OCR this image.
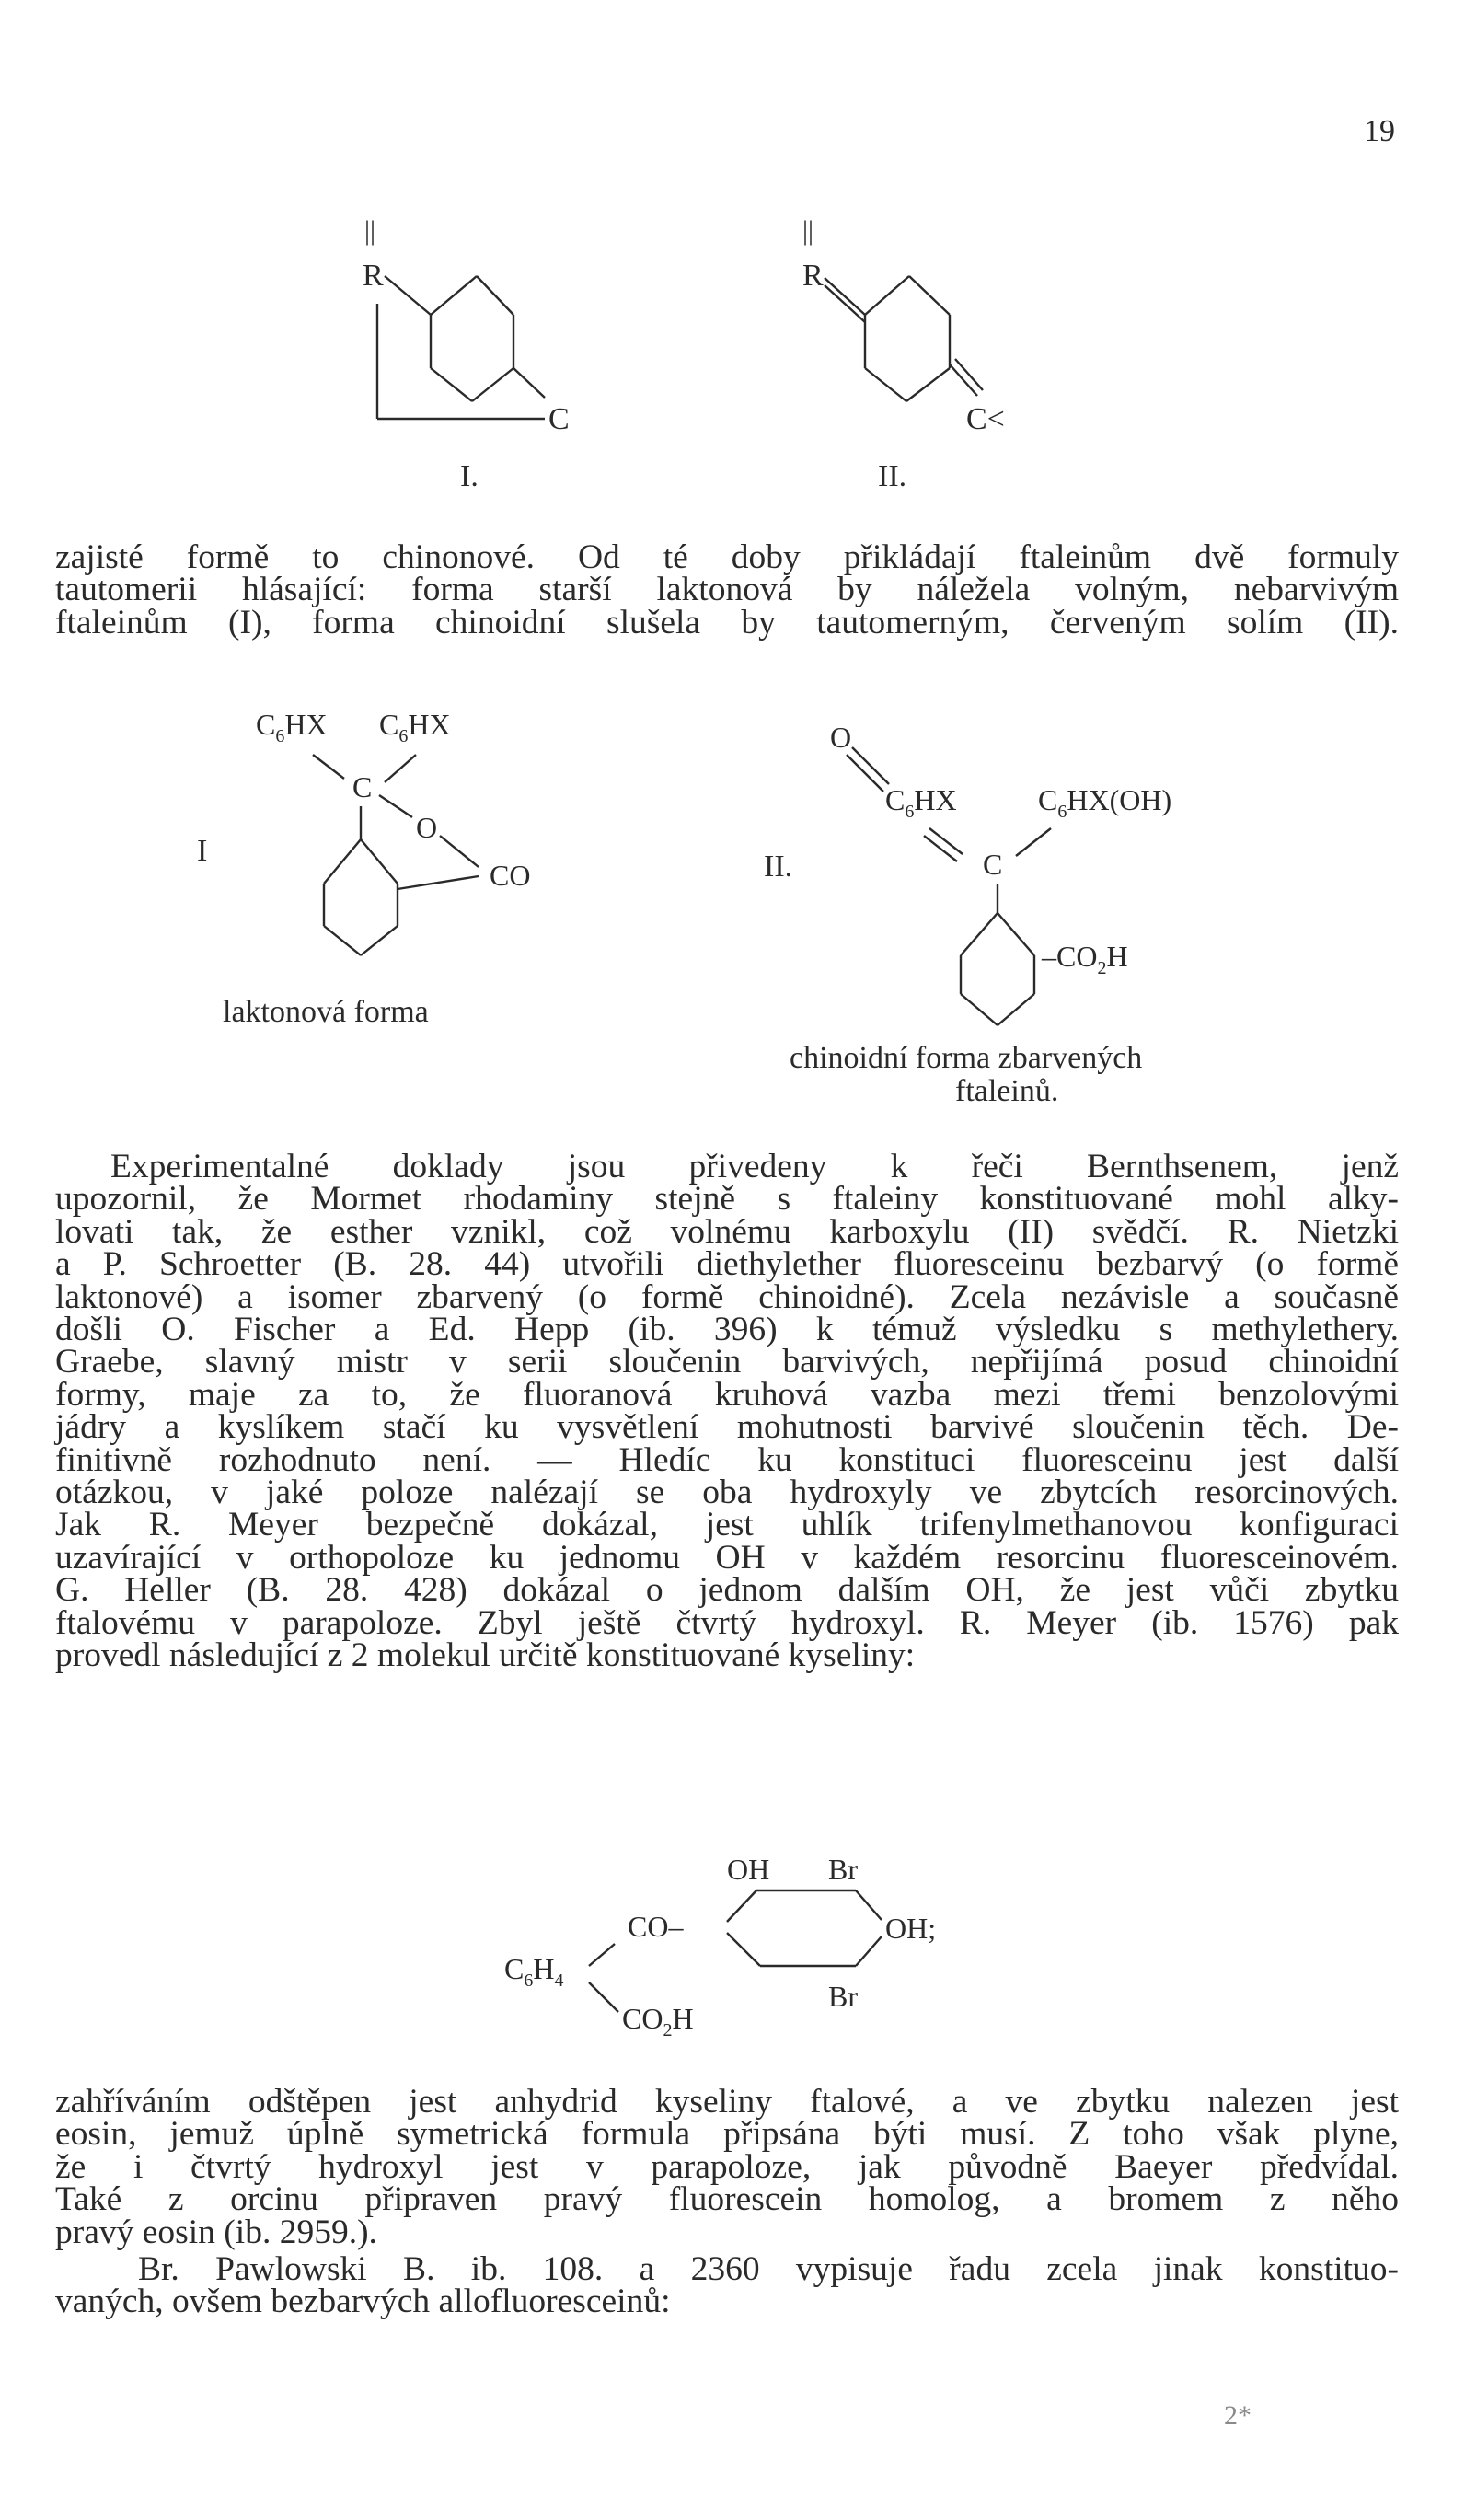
19
||
R
C
I.
||
R
C<
II.
zajisté formě to chinonové. Od té doby přikládají ftaleinům dvě formuly
tautomerii hlásající: forma starší laktonová by náležela volným, nebarvivým
ftaleinům (I), forma chinoidní slušela by tautomerným, červeným solím (II).
I
$C_6HX$ $C_6HX$
C
O
CO
laktonová forma
O
II.
$C_6HX$	$C_6HX(OH)$
C
$-CO_2H$
chinoidní forma zbarvených
ftaleinů.
Experimentalné doklady jsou přivedeny k řeči Bernthsenem, jenž
upozornil, že Mormet rhodaminy stejně s ftaleiny konstituované mohl alky-
lovati tak, že esther vznikl, což volnému karboxylu (II) svědčí. R. Nietzki
a P. Schroetter (B. 28. 44) utvořili diethylether fluoresceinu bezbarvý (o formě
laktonové) a isomer zbarvený (o formě chinoidné). Zcela nezávisle a současně
došli O. Fischer a Ed. Hepp (ib. 396) k témuž výsledku s methyletherу.
Graebe, slavný mistr v serii sloučenin barvivých, nepřijímá posud chinoidní
formy, maje za to, že fluoranová kruhová vazba mezi třemi benzolovými
jádry a kyslíkem stačí ku vysvětlení mohutnosti barvivé sloučenin těch. De-
finitivně rozhodnuto není. — Hledíc ku konstituci fluoresceinu jest další
otázkou, v jaké poloze nalézají se oba hydroxyly ve zbytcích resorcinových.
Jak R. Meyer bezpečně dokázal, jest uhlík trifenylmethanovou konfiguraci
uzavírající v orthopoloze ku jednomu OH v každém resorcinu fluoresceinovém.
G. Heller (B. 28. 428) dokázal o jednom dalším OH, že jest vůči zbytku
ftalovému v parapoloze. Zbyl ještě čtvrtý hydroxyl. R. Meyer (ib. 1576) pak
provedl následující z 2 molekul určitě konstituované kyseliny:
OH Br
CO–	OH;
$C_6H_4$
$CO_2H$
Br
zahříváním odštěpen jest anhydrid kyseliny ftalové, a ve zbytku nalezen jest
eosin, jemuž úplně symetrická formula připsána býti musí. Z toho však plyne,
že i čtvrtý hydroxyl jest v parapoloze, jak původně Baeyer předvídal.
Také z orcinu připraven pravý fluorescein homolog, a bromem z něho
pravý eosin (ib. 2959.).
Br. Pawlowski B. ib. 108. a 2360 vypisuje řadu zcela jinak konstituo-
vaných, ovšem bezbarvých allofluoresceinů:
2*
